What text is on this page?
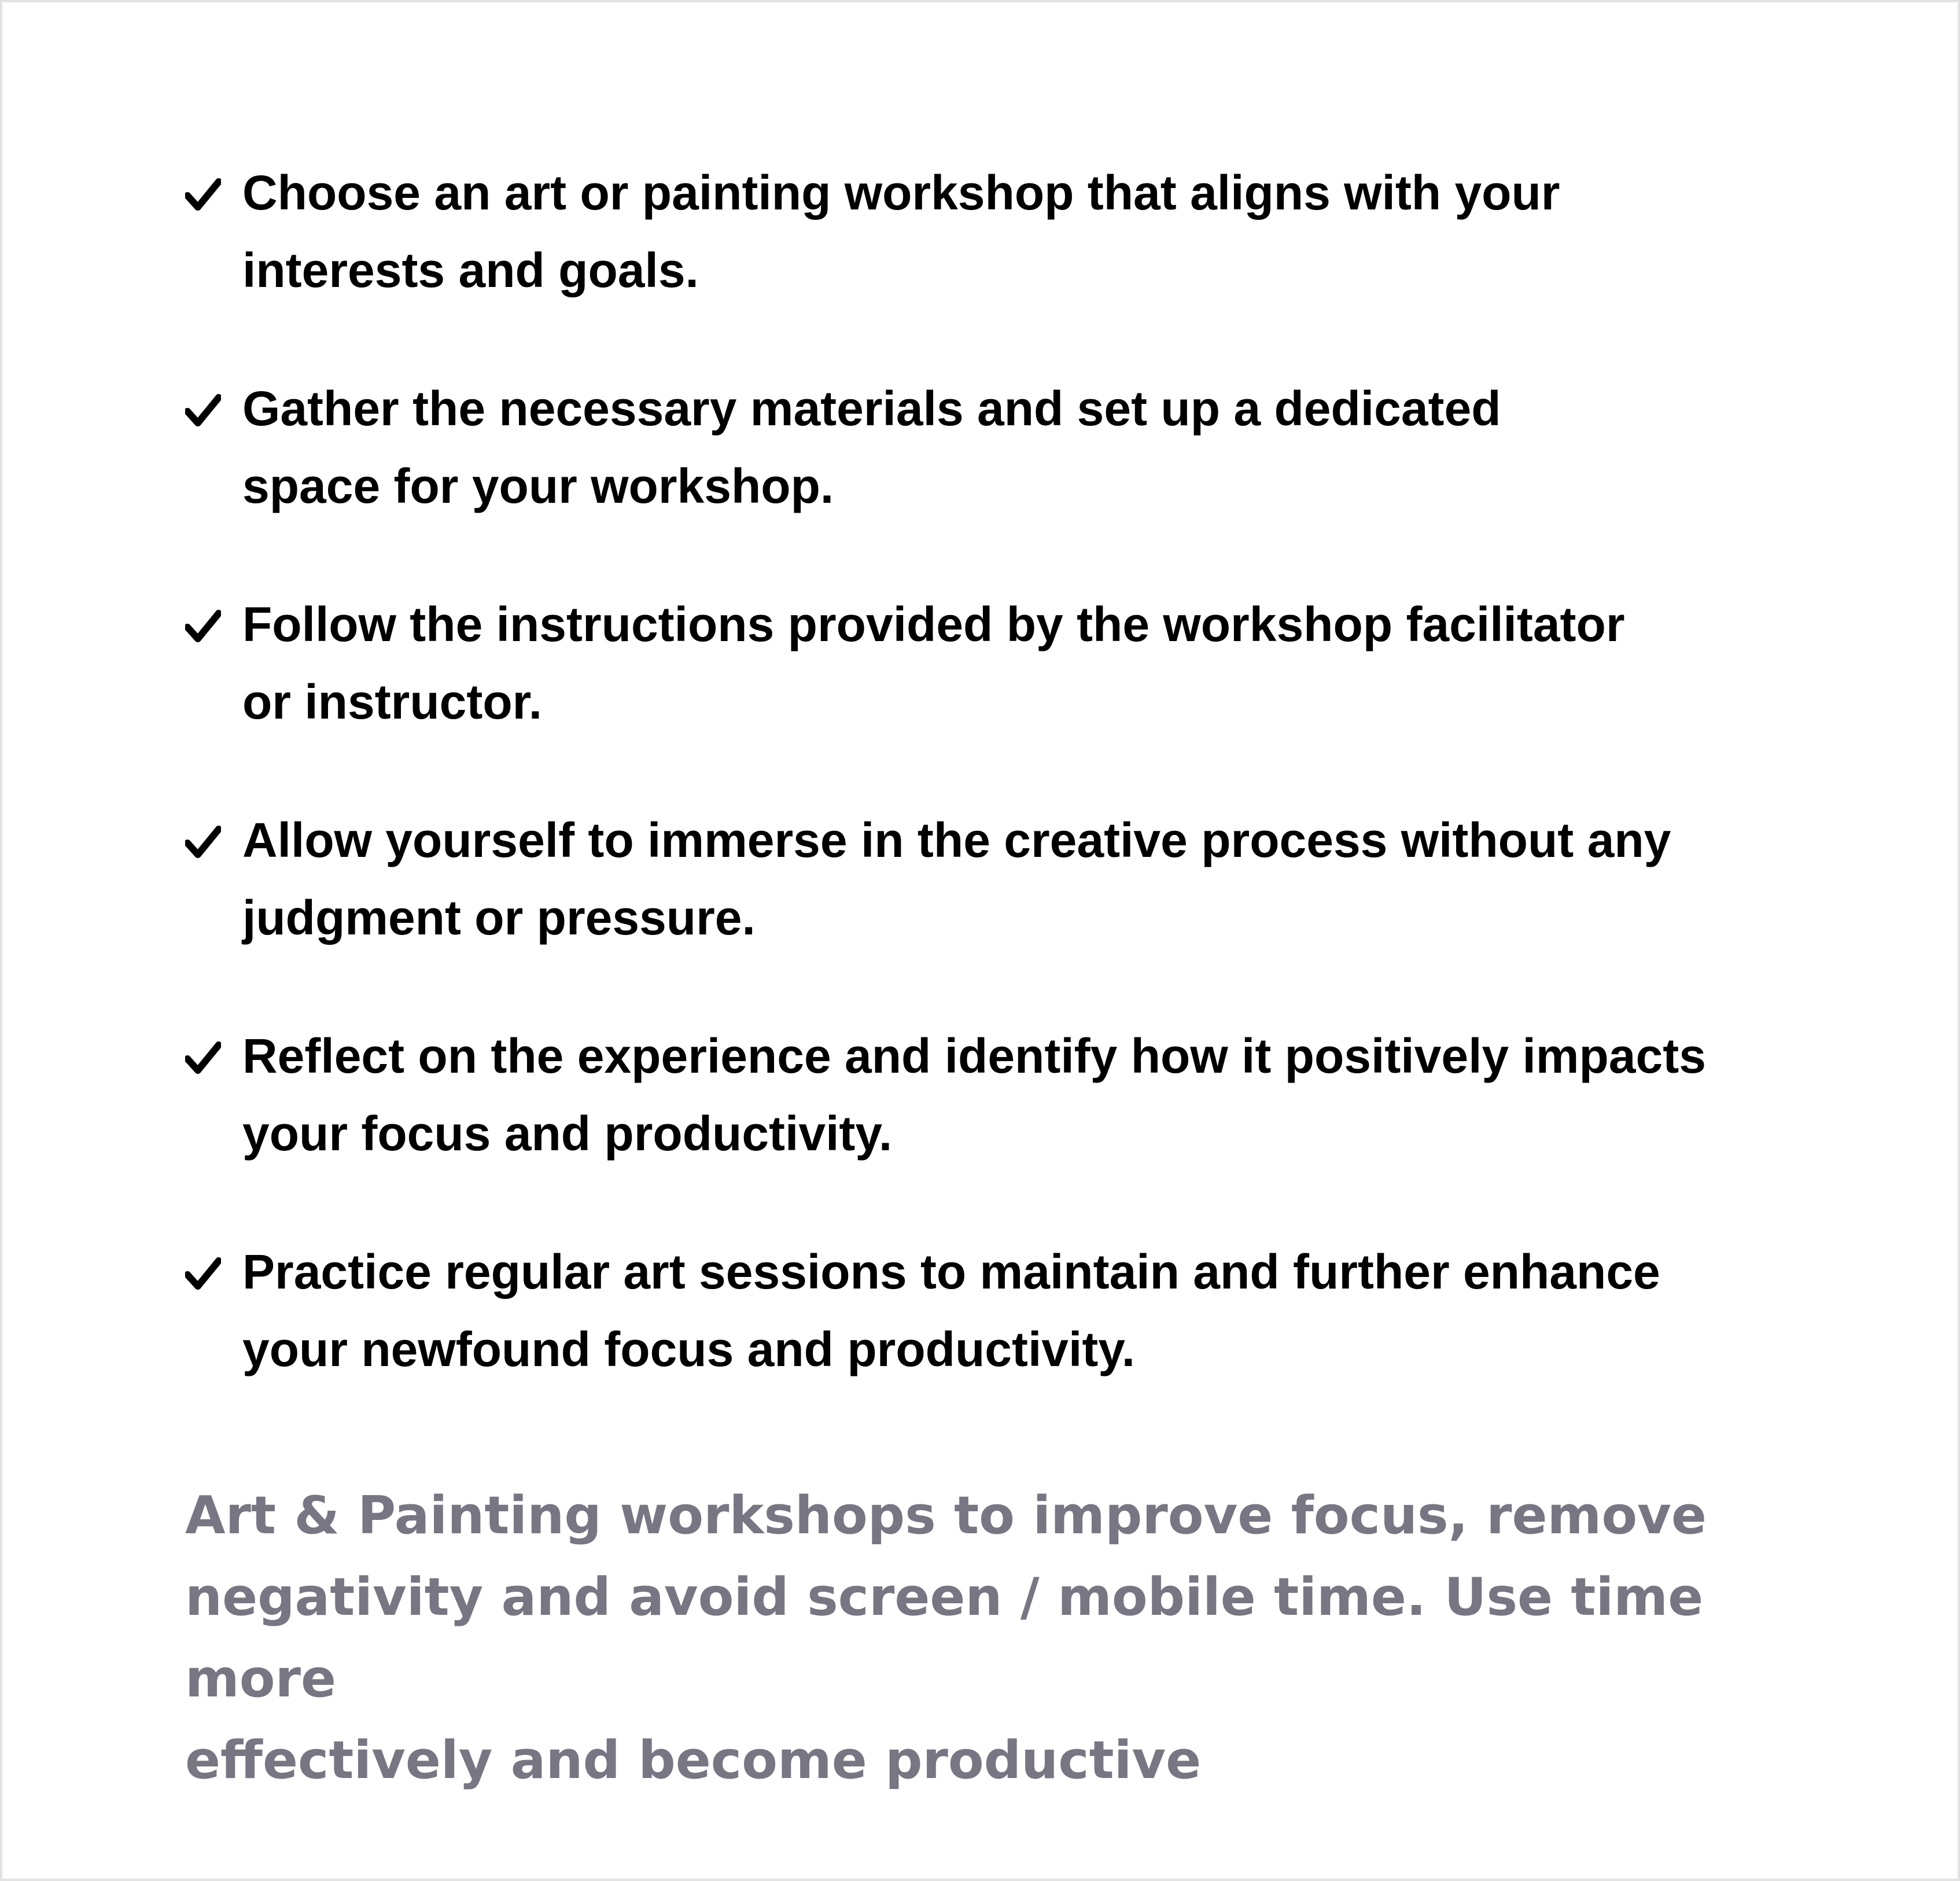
Choose an art or painting workshop that aligns with your
interests and goals.
Gather the necessary materials and set up a dedicated
space for your workshop.
Follow the instructions provided by the workshop facilitator
or instructor.
Allow yourself to immerse in the creative process without any
judgment or pressure.
Reflect on the experience and identify how it positively impacts
your focus and productivity.
Practice regular art sessions to maintain and further enhance
your newfound focus and productivity.

Art & Painting workshops to improve focus, remove
negativity and avoid screen / mobile time. Use time more
effectively and become productive
